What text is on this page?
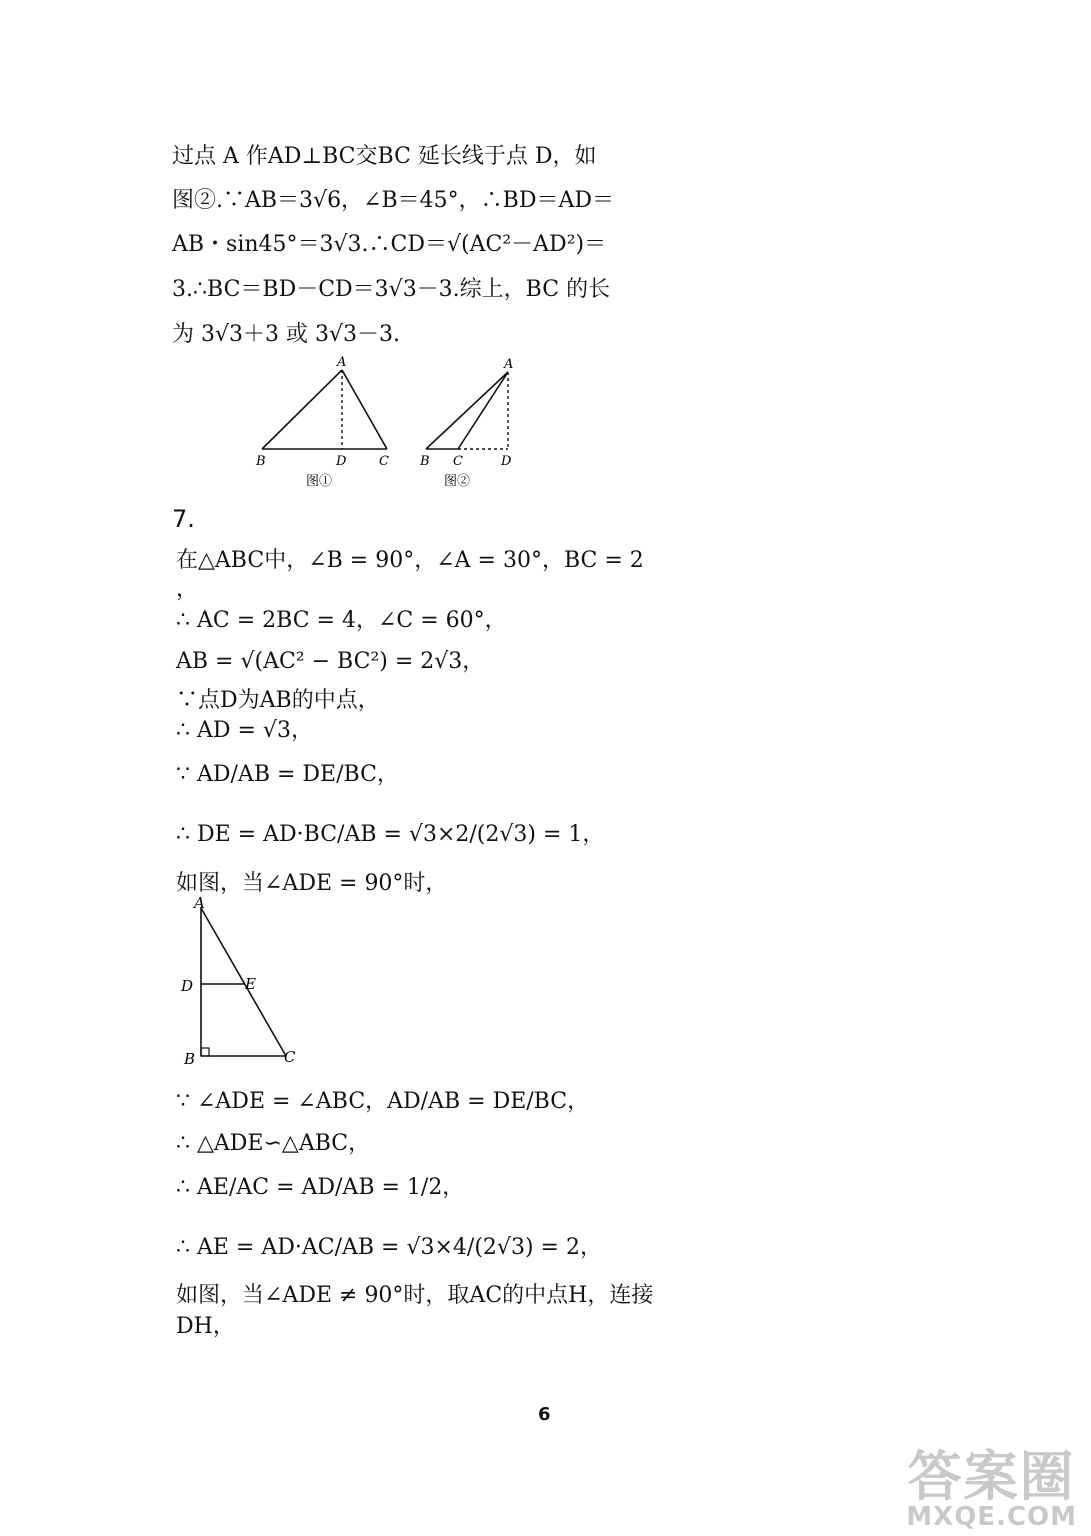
过点 A 作AD⊥BC交BC 延长线于点 D，如
图②.∵AB＝3√6，∠B＝45°，∴BD＝AD＝
AB・sin45°＝3√3.∴CD＝√(AC²－AD²)＝
3.∴BC＝BD－CD＝3√3－3.综上，BC 的长
为 3√3＋3 或 3√3－3.
A
B	D	C
图①
A
B C	D
图②
7.
在△ABC中，∠B = 90°，∠A = 30°，BC = 2
，
∴ AC = 2BC = 4，∠C = 60°，
AB = √(AC² − BC²) = 2√3，
∵点D为AB的中点，
∴ AD = √3，
∵ AD/AB = DE/BC，
∴ DE = AD·BC/AB = √3×2/(2√3) = 1，
如图，当∠ADE = 90°时，
A
D	E
B	C
∵ ∠ADE = ∠ABC，AD/AB = DE/BC，
∴ △ADE∽△ABC，
∴ AE/AC = AD/AB = 1/2，
∴ AE = AD·AC/AB = √3×4/(2√3) = 2，
如图，当∠ADE ≠ 90°时，取AC的中点H，连接
DH，
6
答案圈
MXQE.COM
